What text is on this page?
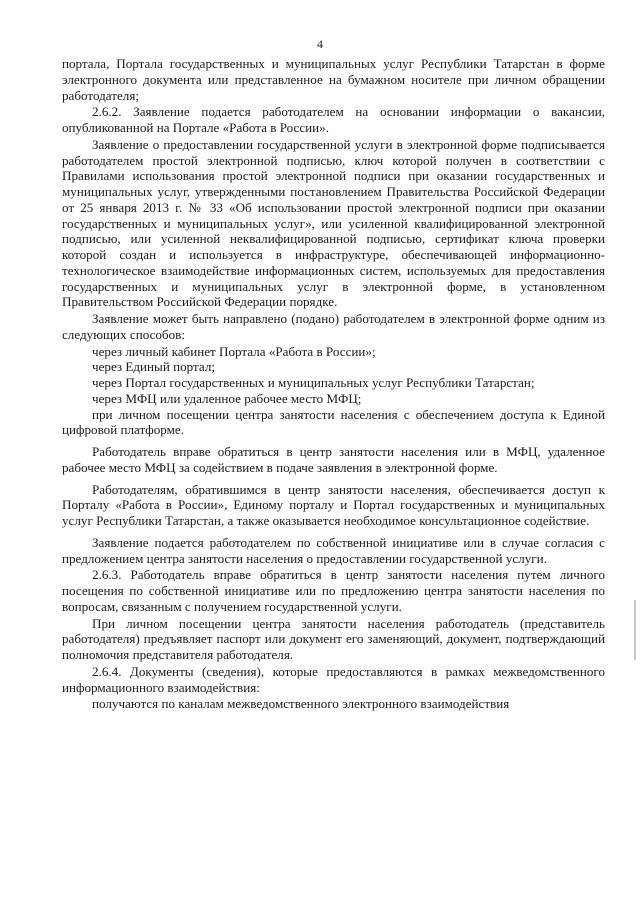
4

портала, Портала государственных и муниципальных услуг Республики Татарстан в форме электронного документа или представленное на бумажном носителе при личном обращении работодателя;

2.6.2. Заявление подается работодателем на основании информации о вакансии, опубликованной на Портале «Работа в России».

Заявление о предоставлении государственной услуги в электронной форме подписывается работодателем простой электронной подписью, ключ которой получен в соответствии с Правилами использования простой электронной подписи при оказании государственных и муниципальных услуг, утвержденными постановлением Правительства Российской Федерации от 25 января 2013 г. № 33 «Об использовании простой электронной подписи при оказании государственных и муниципальных услуг», или усиленной квалифицированной электронной подписью, или усиленной неквалифицированной подписью, сертификат ключа проверки которой создан и используется в инфраструктуре, обеспечивающей информационно-технологическое взаимодействие информационных систем, используемых для предоставления государственных и муниципальных услуг в электронной форме, в установленном Правительством Российской Федерации порядке.

Заявление может быть направлено (подано) работодателем в электронной форме одним из следующих способов:

через личный кабинет Портала «Работа в России»;

через Единый портал;

через Портал государственных и муниципальных услуг Республики Татарстан;

через МФЦ или удаленное рабочее место МФЦ;

при личном посещении центра занятости населения с обеспечением доступа к Единой цифровой платформе.

Работодатель вправе обратиться в центр занятости населения или в МФЦ, удаленное рабочее место МФЦ за содействием в подаче заявления в электронной форме.

Работодателям, обратившимся в центр занятости населения, обеспечивается доступ к Порталу «Работа в России», Единому порталу и Портал государственных и муниципальных услуг Республики Татарстан, а также оказывается необходимое консультационное содействие.

Заявление подается работодателем по собственной инициативе или в случае согласия с предложением центра занятости населения о предоставлении государственной услуги.

2.6.3. Работодатель вправе обратиться в центр занятости населения путем личного посещения по собственной инициативе или по предложению центра занятости населения по вопросам, связанным с получением государственной услуги.

При личном посещении центра занятости населения работодатель (представитель работодателя) предъявляет паспорт или документ его заменяющий, документ, подтверждающий полномочия представителя работодателя.

2.6.4. Документы (сведения), которые предоставляются в рамках межведомственного информационного взаимодействия:

получаются по каналам межведомственного электронного взаимодействия
